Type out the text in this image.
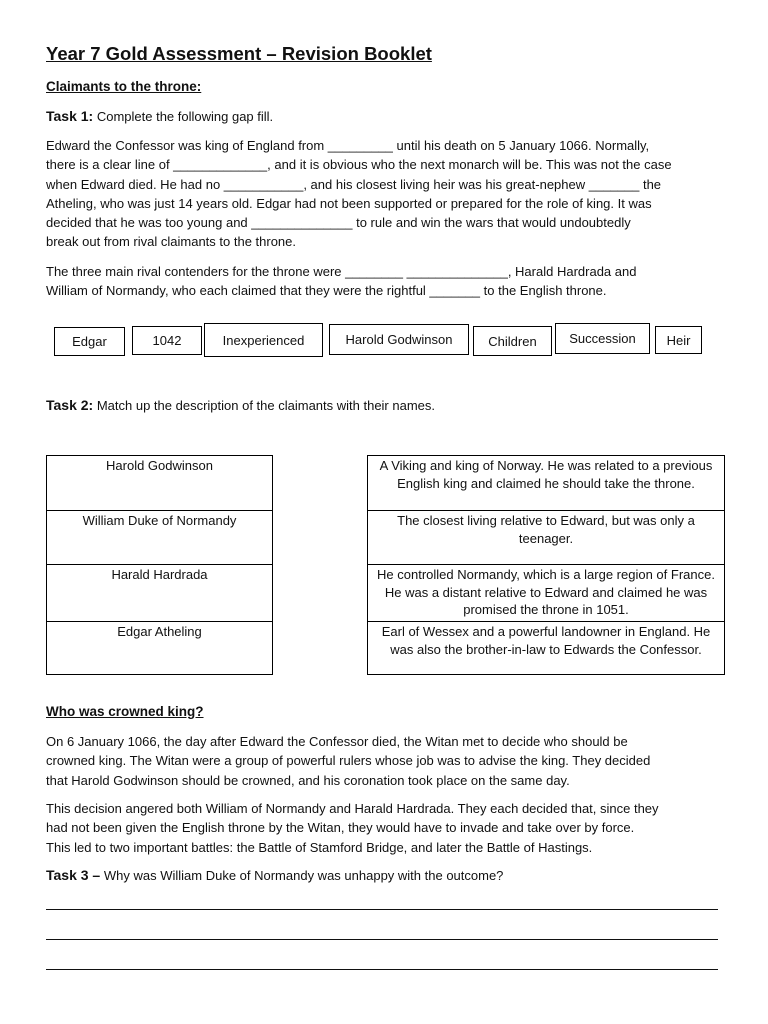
Year 7 Gold Assessment – Revision Booklet
Claimants to the throne:
Task 1: Complete the following gap fill.

Edward the Confessor was king of England from _________ until his death on 5 January 1066. Normally,

there is a clear line of _____________, and it is obvious who the next monarch will be. This was not the case

when Edward died. He had no ___________, and his closest living heir was his great-nephew _______ the

Atheling, who was just 14 years old. Edgar had not been supported or prepared for the role of king. It was

decided that he was too young and ______________ to rule and win the wars that would undoubtedly

break out from rival claimants to the throne.

The three main rival contenders for the throne were ________ ______________, Harald Hardrada and

William of Normandy, who each claimed that they were the rightful _______ to the English throne.

Edgar	1042	Inexperienced	Harold Godwinson	Children	Succession	Heir
Task 2: Match up the description of the claimants with their names.
Harold Godwinson
William Duke of Normandy
Harald Hardrada
Edgar Atheling
A Viking and king of Norway. He was related to a previous English king and claimed he should take the throne.
The closest living relative to Edward, but was only a teenager.
He controlled Normandy, which is a large region of France. He was a distant relative to Edward and claimed he was promised the throne in 1051.
Earl of Wessex and a powerful landowner in England. He was also the brother-in-law to Edwards the Confessor.
Who was crowned king?

On 6 January 1066, the day after Edward the Confessor died, the Witan met to decide who should be

crowned king. The Witan were a group of powerful rulers whose job was to advise the king. They decided

that Harold Godwinson should be crowned, and his coronation took place on the same day.

This decision angered both William of Normandy and Harald Hardrada. They each decided that, since they

had not been given the English throne by the Witan, they would have to invade and take over by force.

This led to two important battles: the Battle of Stamford Bridge, and later the Battle of Hastings.

Task 3 – Why was William Duke of Normandy was unhappy with the outcome?
